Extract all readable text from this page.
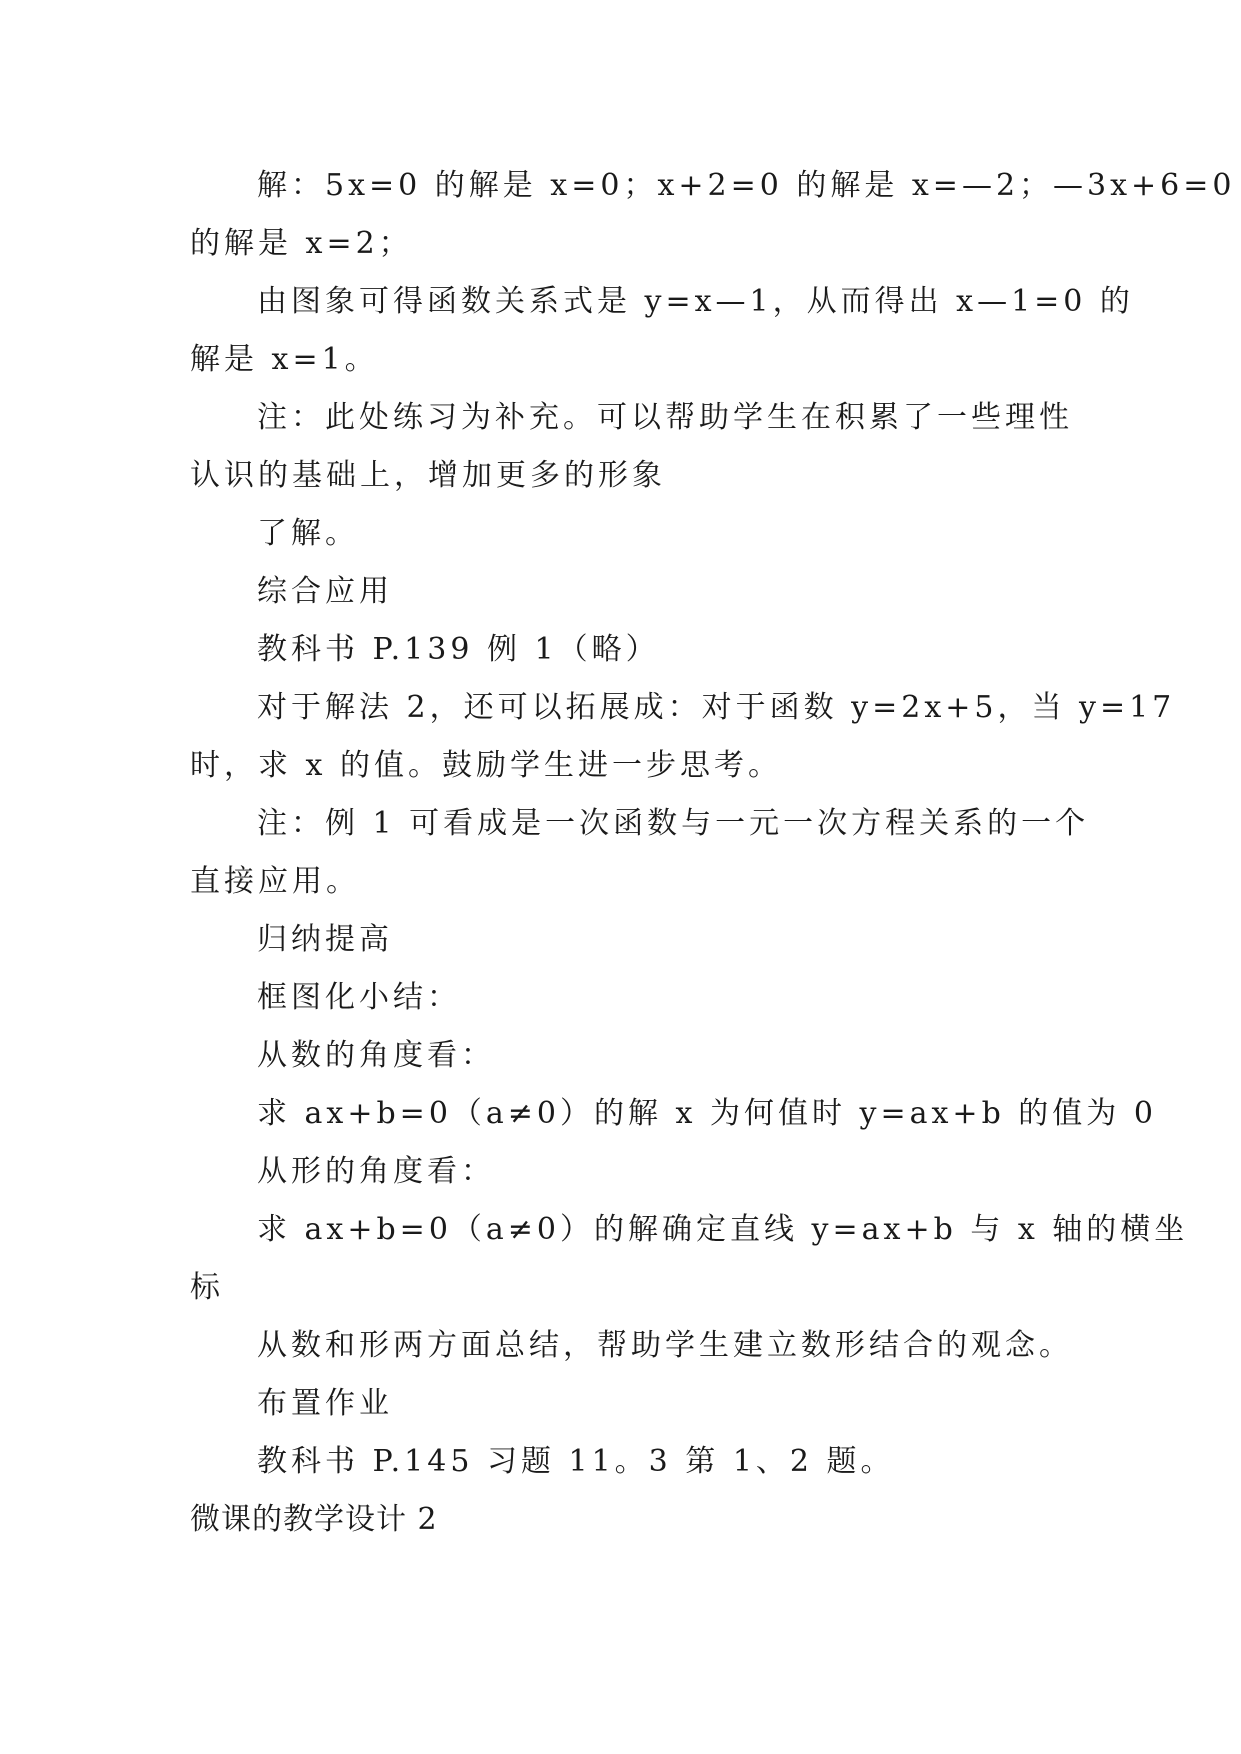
解：5x=0 的解是 x=0；x+2=0 的解是 x=—2；—3x+6=0
的解是 x=2；
由图象可得函数关系式是 y=x—1，从而得出 x—1=0 的
解是 x=1。
注：此处练习为补充。可以帮助学生在积累了一些理性
认识的基础上，增加更多的形象
了解。
综合应用
教科书 P.139 例 1（略）
对于解法 2，还可以拓展成：对于函数 y=2x+5，当 y=17
时，求 x 的值。鼓励学生进一步思考。
注：例 1 可看成是一次函数与一元一次方程关系的一个
直接应用。
归纳提高
框图化小结：
从数的角度看：
求 ax+b=0（a≠0）的解 x 为何值时 y=ax+b 的值为 0
从形的角度看：
求 ax+b=0（a≠0）的解确定直线 y=ax+b 与 x 轴的横坐
标
从数和形两方面总结，帮助学生建立数形结合的观念。
布置作业
教科书 P.145 习题 11。3 第 1、2 题。
微课的教学设计 2
